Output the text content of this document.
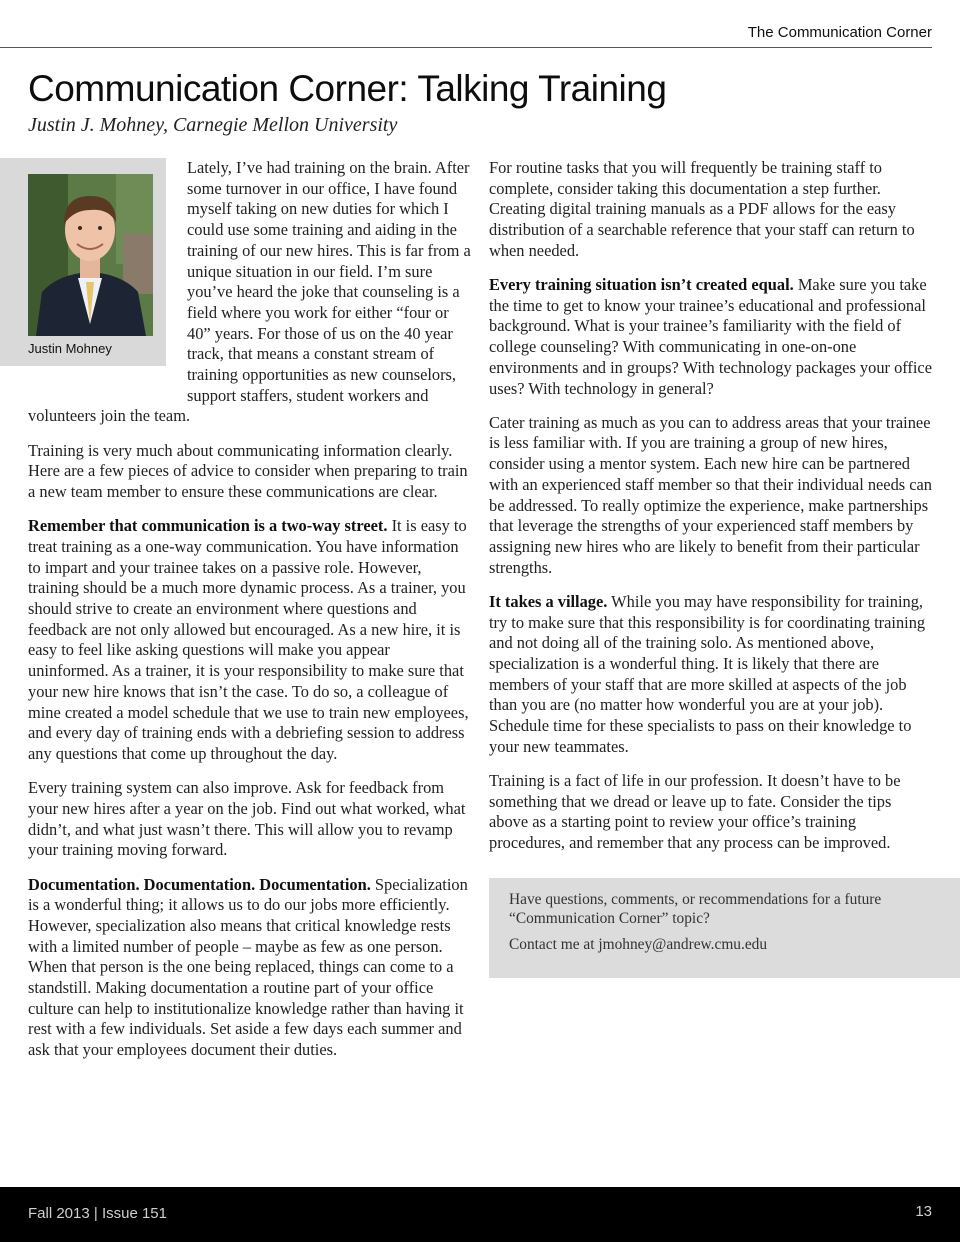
The Communication Corner
Communication Corner: Talking Training
Justin J. Mohney, Carnegie Mellon University
Justin Mohney

Lately, I’ve had training on the brain. After some turnover in our office, I have found myself taking on new duties for which I could use some training and aiding in the training of our new hires. This is far from a unique situation in our field. I’m sure you’ve heard the joke that counseling is a field where you work for either “four or 40” years. For those of us on the 40 year track, that means a constant stream of training opportunities as new counselors, support staffers, student workers and volunteers join the team.

Training is very much about communicating information clearly. Here are a few pieces of advice to consider when preparing to train a new team member to ensure these communications are clear.

Remember that communication is a two-way street. It is easy to treat training as a one-way communication. You have information to impart and your trainee takes on a passive role. However, training should be a much more dynamic process. As a trainer, you should strive to create an environment where questions and feedback are not only allowed but encouraged. As a new hire, it is easy to feel like asking questions will make you appear uninformed. As a trainer, it is your responsibility to make sure that your new hire knows that isn’t the case. To do so, a colleague of mine created a model schedule that we use to train new employees, and every day of training ends with a debriefing session to address any questions that come up throughout the day.

Every training system can also improve. Ask for feedback from your new hires after a year on the job. Find out what worked, what didn’t, and what just wasn’t there. This will allow you to revamp your training moving forward.

Documentation. Documentation. Documentation. Specialization is a wonderful thing; it allows us to do our jobs more efficiently. However, specialization also means that critical knowledge rests with a limited number of people – maybe as few as one person. When that person is the one being replaced, things can come to a standstill. Making documentation a routine part of your office culture can help to institutionalize knowledge rather than having it rest with a few individuals. Set aside a few days each summer and ask that your employees document their duties.

For routine tasks that you will frequently be training staff to complete, consider taking this documentation a step further. Creating digital training manuals as a PDF allows for the easy distribution of a searchable reference that your staff can return to when needed.

Every training situation isn’t created equal. Make sure you take the time to get to know your trainee’s educational and professional background. What is your trainee’s familiarity with the field of college counseling? With communicating in one-on-one environments and in groups? With technology packages your office uses? With technology in general?

Cater training as much as you can to address areas that your trainee is less familiar with. If you are training a group of new hires, consider using a mentor system. Each new hire can be partnered with an experienced staff member so that their individual needs can be addressed. To really optimize the experience, make partnerships that leverage the strengths of your experienced staff members by assigning new hires who are likely to benefit from their particular strengths.

It takes a village. While you may have responsibility for training, try to make sure that this responsibility is for coordinating training and not doing all of the training solo. As mentioned above, specialization is a wonderful thing. It is likely that there are members of your staff that are more skilled at aspects of the job than you are (no matter how wonderful you are at your job). Schedule time for these specialists to pass on their knowledge to your new teammates.

Training is a fact of life in our profession. It doesn’t have to be something that we dread or leave up to fate. Consider the tips above as a starting point to review your office’s training procedures, and remember that any process can be improved.

Have questions, comments, or recommendations for a future “Communication Corner” topic?

Contact me at jmohney@andrew.cmu.edu

Fall 2013 | Issue 151	13
